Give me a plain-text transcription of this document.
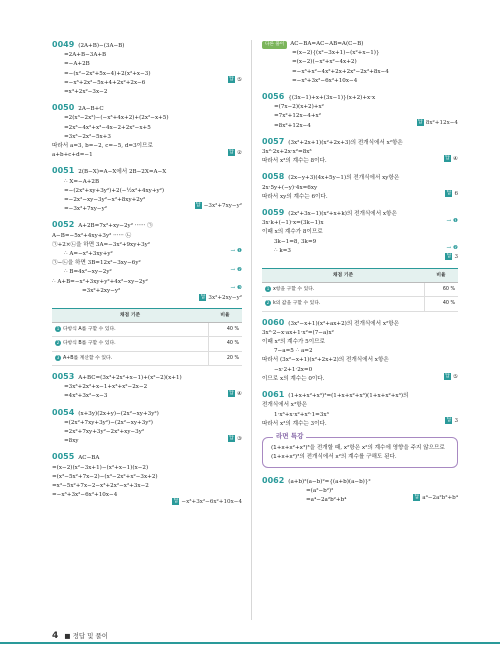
0049 (2A+B)−(3A−B)
=2A+B−3A+B
=−A+2B
=−(x²−2x²+5x−4)+2(x²+x−3)
=−x³+2x²−5x+4+2x²+2x−6
=x³+2x²−3x−2
답 ⑤
0050 2A−B+C
=2(x³−2x²)−(−x³+4x+2)+(2x²−x+5)
=2x³−4x²+x³−4x−2+2x²−x+5
=3x³−2x²−5x+3
따라서 a=3, b=−2, c=−5, d=3이므로
a+b+c+d=−1
답 ②
0051 2(B−X)=A−X에서 2B−2X=A−X
∴ X=−A+2B
=−(2x²+xy+3y²)+2(−½x²+4xy+y²)
=−2x²−xy−3y²−x²+8xy+2y²
=−3x²+7xy−y²
답 −3x²+7xy−y²
0052 A+2B=7x²+xy−2y² ······ ㉠
A−B=−5x²+4xy+3y² ······ ㉡
㉠+2×㉡을 하면 3A=−3x²+9xy+3y²
∴ A=−x²+3xy+y²
㉠−㉡을 하면 3B=12x²−3xy−6y²
∴ B=4x²−xy−2y²
∴ A+B=−x²+3xy+y²+4x²−xy−2y²
=3x²+2xy−y²
→ ❶
→ ❷
→ ❸
답 3x²+2xy−y²
채점 기준	비율
1 다항식 A를 구할 수 있다.	40 %
2 다항식 B를 구할 수 있다.	40 %
3 A+B를 계산할 수 있다.	20 %
0053 A+BC=(3x³+2x²+x−1)+(x²−2)(x+1)
=3x³+2x²+x−1+x³+x²−2x−2
=4x³+3x²−x−3
답 ④
0054 (x+3y)(2x+y)−(2x²−xy+3y²)
=(2x²+7xy+3y²)−(2x²−xy+3y²)
=2x²+7xy+3y²−2x²+xy−3y²
=8xy
답 ③
0055 AC−BA
=(x−2)(x²−3x+1)−(x²+x−1)(x−2)
=(x³−5x²+7x−2)−(x³−2x²+x²−3x+2)
=x³−5x²+7x−2−x³+2x²−x²+3x−2
=−x³+3x²−6x²+10x−4
답 −x³+3x²−6x²+10x−4
다른 풀이 AC−BA=AC−AB=A(C−B)
=(x−2){(x²−3x+1)−(x²+x−1)}
=(x−2)(−x²+x²−4x+2)
=−x³+x²−4x²+2x+2x²−2x²+8x−4
=−x³+3x²−6x²+10x−4
0056 {(3x−1)+x+(3x−1)}(x+2)+x·x
=(7x−2)(x+2)+x²
=7x²+12x−4+x²
=8x²+12x−4
답 8x²+12x−4
0057 (3x²+2x+1)(x²+2x+3)의 전개식에서 x²항은
3x²·2x+2x·x²=8x³
따라서 x³의 계수는 8이다.
답 ④
0058 (2x−y+3)(4x+5y−1)의 전개식에서 xy항은
2x·5y+(−y)·4x=6xy
따라서 xy의 계수는 6이다.
답 6
0059 (2x²+3x−1)(x²+x+k)의 전개식에서 x항은
3x·k+(−1)·x=(3k−1)x
이때 x의 계수가 8이므로
3k−1=8, 3k=9
∴ k=3
→ ❶
→ ❷
답 3
채점 기준	비율
1 x항을 구할 수 있다.	60 %
2 k의 값을 구할 수 있다.	40 %
0060 (3x²−x+1)(x²+ax+2)의 전개식에서 x²항은
3x²·2−x·ax+1·x²=(7−a)x²
이때 x²의 계수가 5이므로
7−a=5 ∴ a=2
따라서 (3x²−x+1)(x²+2x+2)의 전개식에서 x항은
−x·2+1·2x=0
이므로 x의 계수는 0이다.
답 ⑤
0061 (1+x+x²+x³)³=(1+x+x²+x³)(1+x+x²+x³)의
전개식에서 x³항은
1·x³+x·x²+x²·1=3x³
따라서 x³의 계수는 3이다.
답 3
라면 특강
(1+x+x²+x³)³을 전개할 때, x²항은 x²의 계수에 영향을 주지 않으므로 (1+x+x²)³의 전개식에서 x²의 계수를 구해도 된다.
0062 (a+b)²(a−b)²={(a+b)(a−b)}²
=(a²−b²)²
=a⁴−2a²b²+b⁴
답 a⁴−2a²b²+b⁴
4 ■ 정답 및 풀이
